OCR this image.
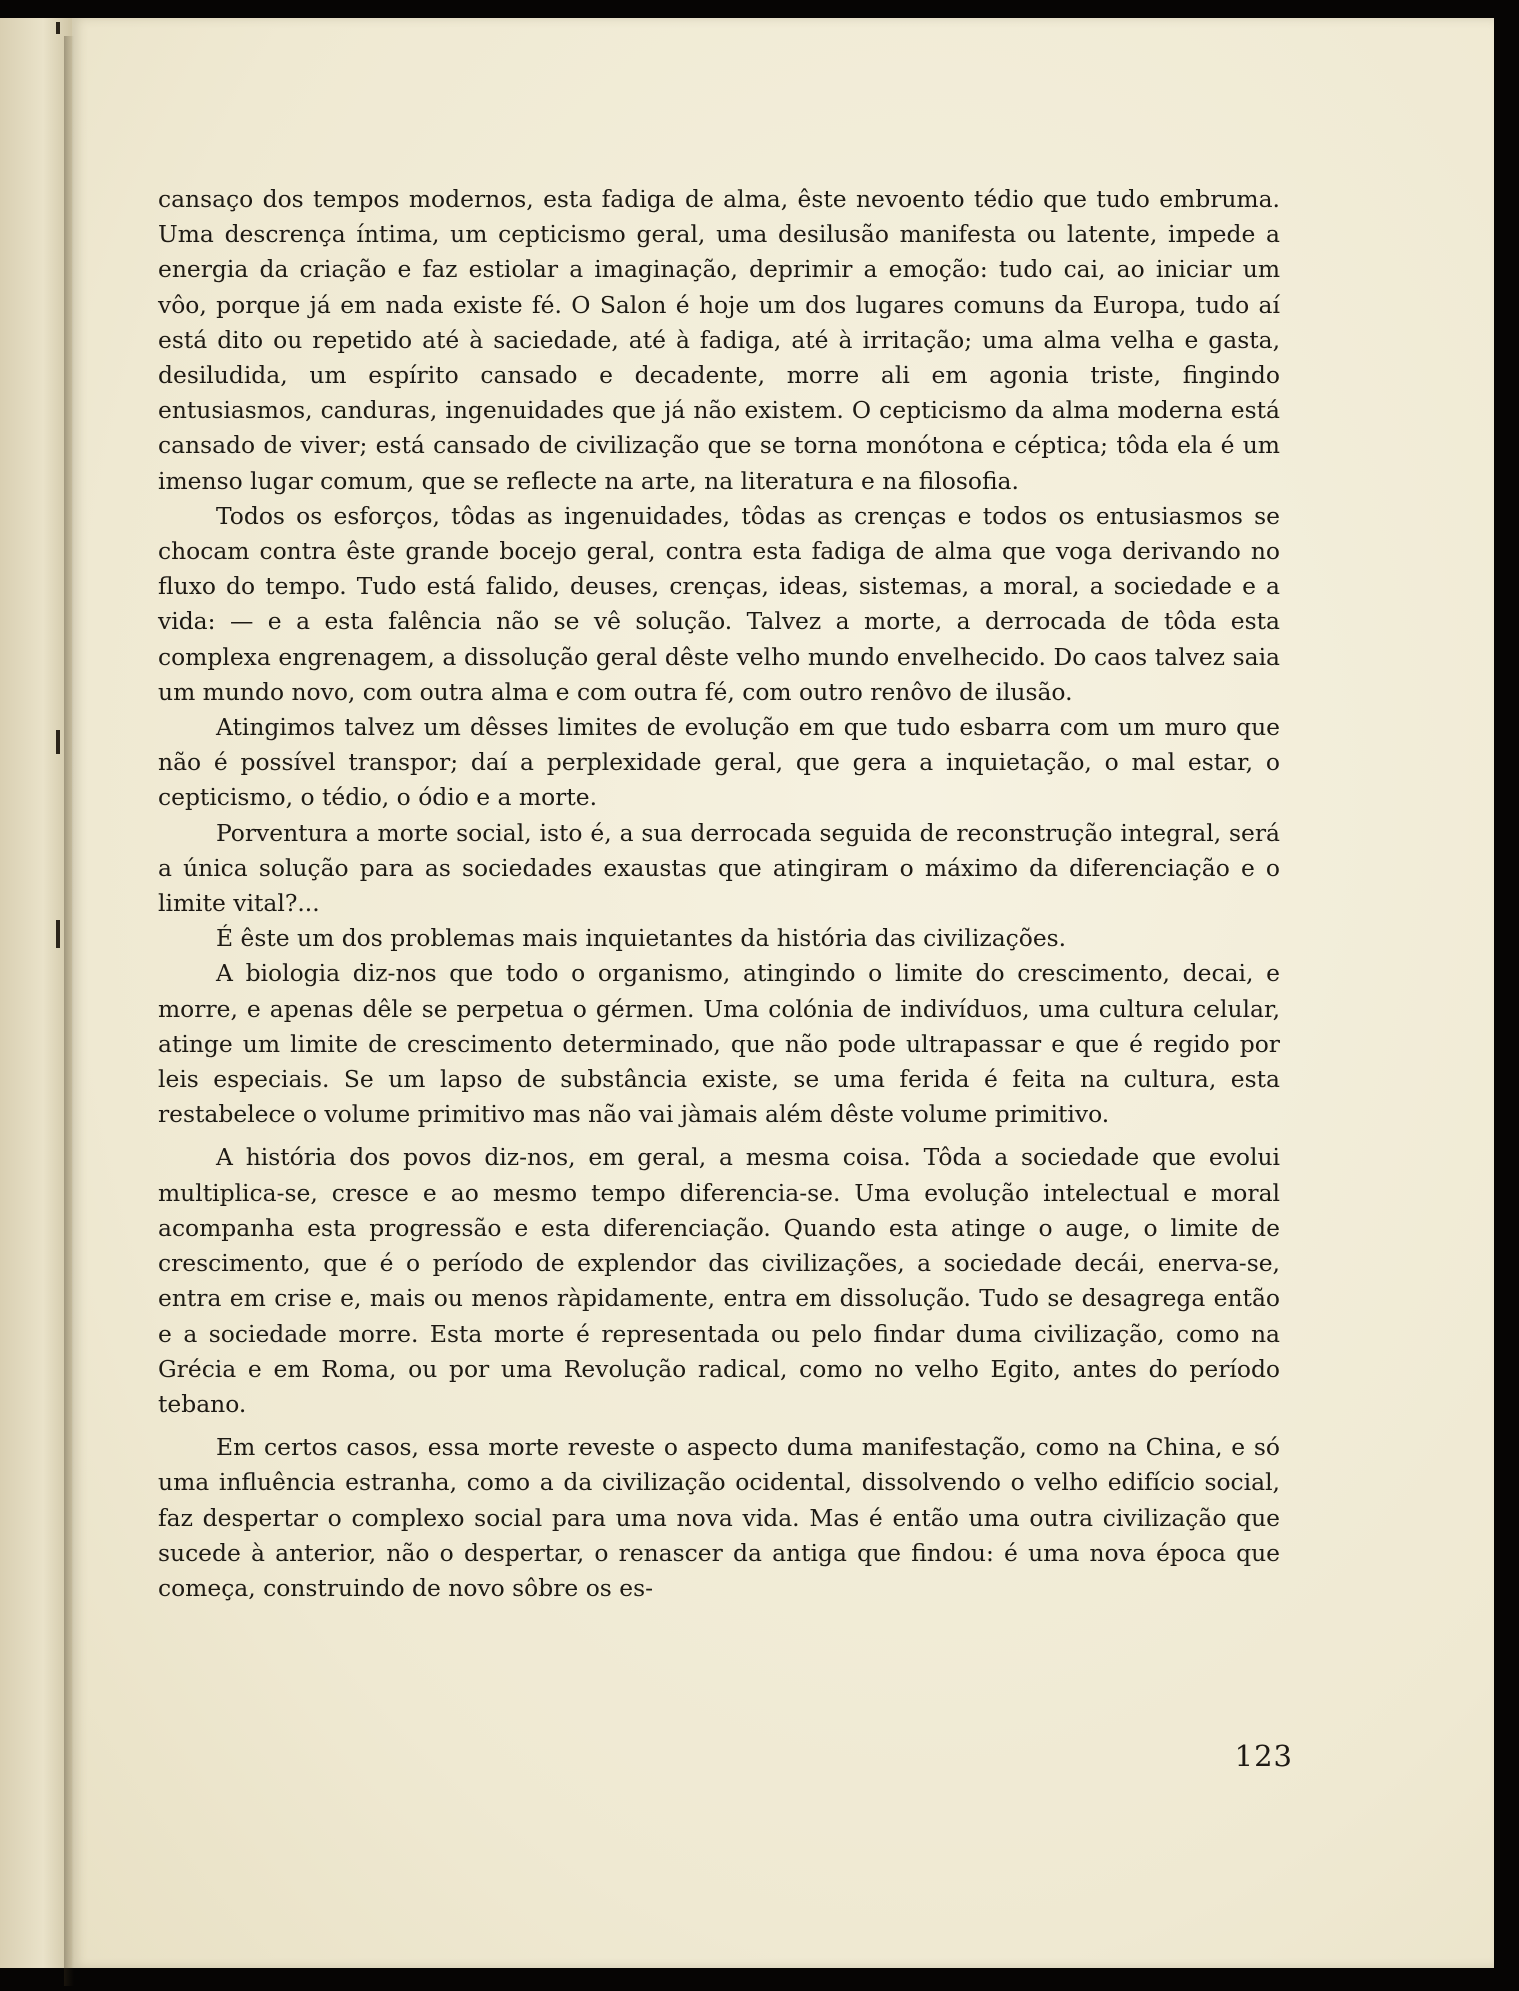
cansaço dos tempos modernos, esta fadiga de alma, êste nevoento tédio que tudo embruma. Uma descrença íntima, um cepticismo geral, uma desilusão manifesta ou latente, impede a energia da criação e faz estiolar a imaginação, deprimir a emoção: tudo cai, ao iniciar um vôo, porque já em nada existe fé. O Salon é hoje um dos lugares comuns da Europa, tudo aí está dito ou repetido até à saciedade, até à fadiga, até à irritação; uma alma velha e gasta, desiludida, um espírito cansado e decadente, morre ali em agonia triste, fingindo entusiasmos, canduras, ingenuidades que já não existem. O cepticismo da alma moderna está cansado de viver; está cansado de civilização que se torna monótona e céptica; tôda ela é um imenso lugar comum, que se reflecte na arte, na literatura e na filosofia.

Todos os esforços, tôdas as ingenuidades, tôdas as crenças e todos os entusiasmos se chocam contra êste grande bocejo geral, contra esta fadiga de alma que voga derivando no fluxo do tempo. Tudo está falido, deuses, crenças, ideas, sistemas, a moral, a sociedade e a vida: — e a esta falência não se vê solução. Talvez a morte, a derrocada de tôda esta complexa engrenagem, a dissolução geral dêste velho mundo envelhecido. Do caos talvez saia um mundo novo, com outra alma e com outra fé, com outro renôvo de ilusão.

Atingimos talvez um dêsses limites de evolução em que tudo esbarra com um muro que não é possível transpor; daí a perplexidade geral, que gera a inquietação, o mal estar, o cepticismo, o tédio, o ódio e a morte.

Porventura a morte social, isto é, a sua derrocada seguida de reconstrução integral, será a única solução para as sociedades exaustas que atingiram o máximo da diferenciação e o limite vital?...

É êste um dos problemas mais inquietantes da história das civilizações.

A biologia diz-nos que todo o organismo, atingindo o limite do crescimento, decai, e morre, e apenas dêle se perpetua o gérmen. Uma colónia de indivíduos, uma cultura celular, atinge um limite de crescimento determinado, que não pode ultrapassar e que é regido por leis especiais. Se um lapso de substância existe, se uma ferida é feita na cultura, esta restabelece o volume primitivo mas não vai jàmais além dêste volume primitivo.

A história dos povos diz-nos, em geral, a mesma coisa. Tôda a sociedade que evolui multiplica-se, cresce e ao mesmo tempo diferencia-se. Uma evolução intelectual e moral acompanha esta progressão e esta diferenciação. Quando esta atinge o auge, o limite de crescimento, que é o período de explendor das civilizações, a sociedade decái, enerva-se, entra em crise e, mais ou menos ràpidamente, entra em dissolução. Tudo se desagrega então e a sociedade morre. Esta morte é representada ou pelo findar duma civilização, como na Grécia e em Roma, ou por uma Revolução radical, como no velho Egito, antes do período tebano.

Em certos casos, essa morte reveste o aspecto duma manifestação, como na China, e só uma influência estranha, como a da civilização ocidental, dissolvendo o velho edifício social, faz despertar o complexo social para uma nova vida. Mas é então uma outra civilização que sucede à anterior, não o despertar, o renascer da antiga que findou: é uma nova época que começa, construindo de novo sôbre os es-

123
